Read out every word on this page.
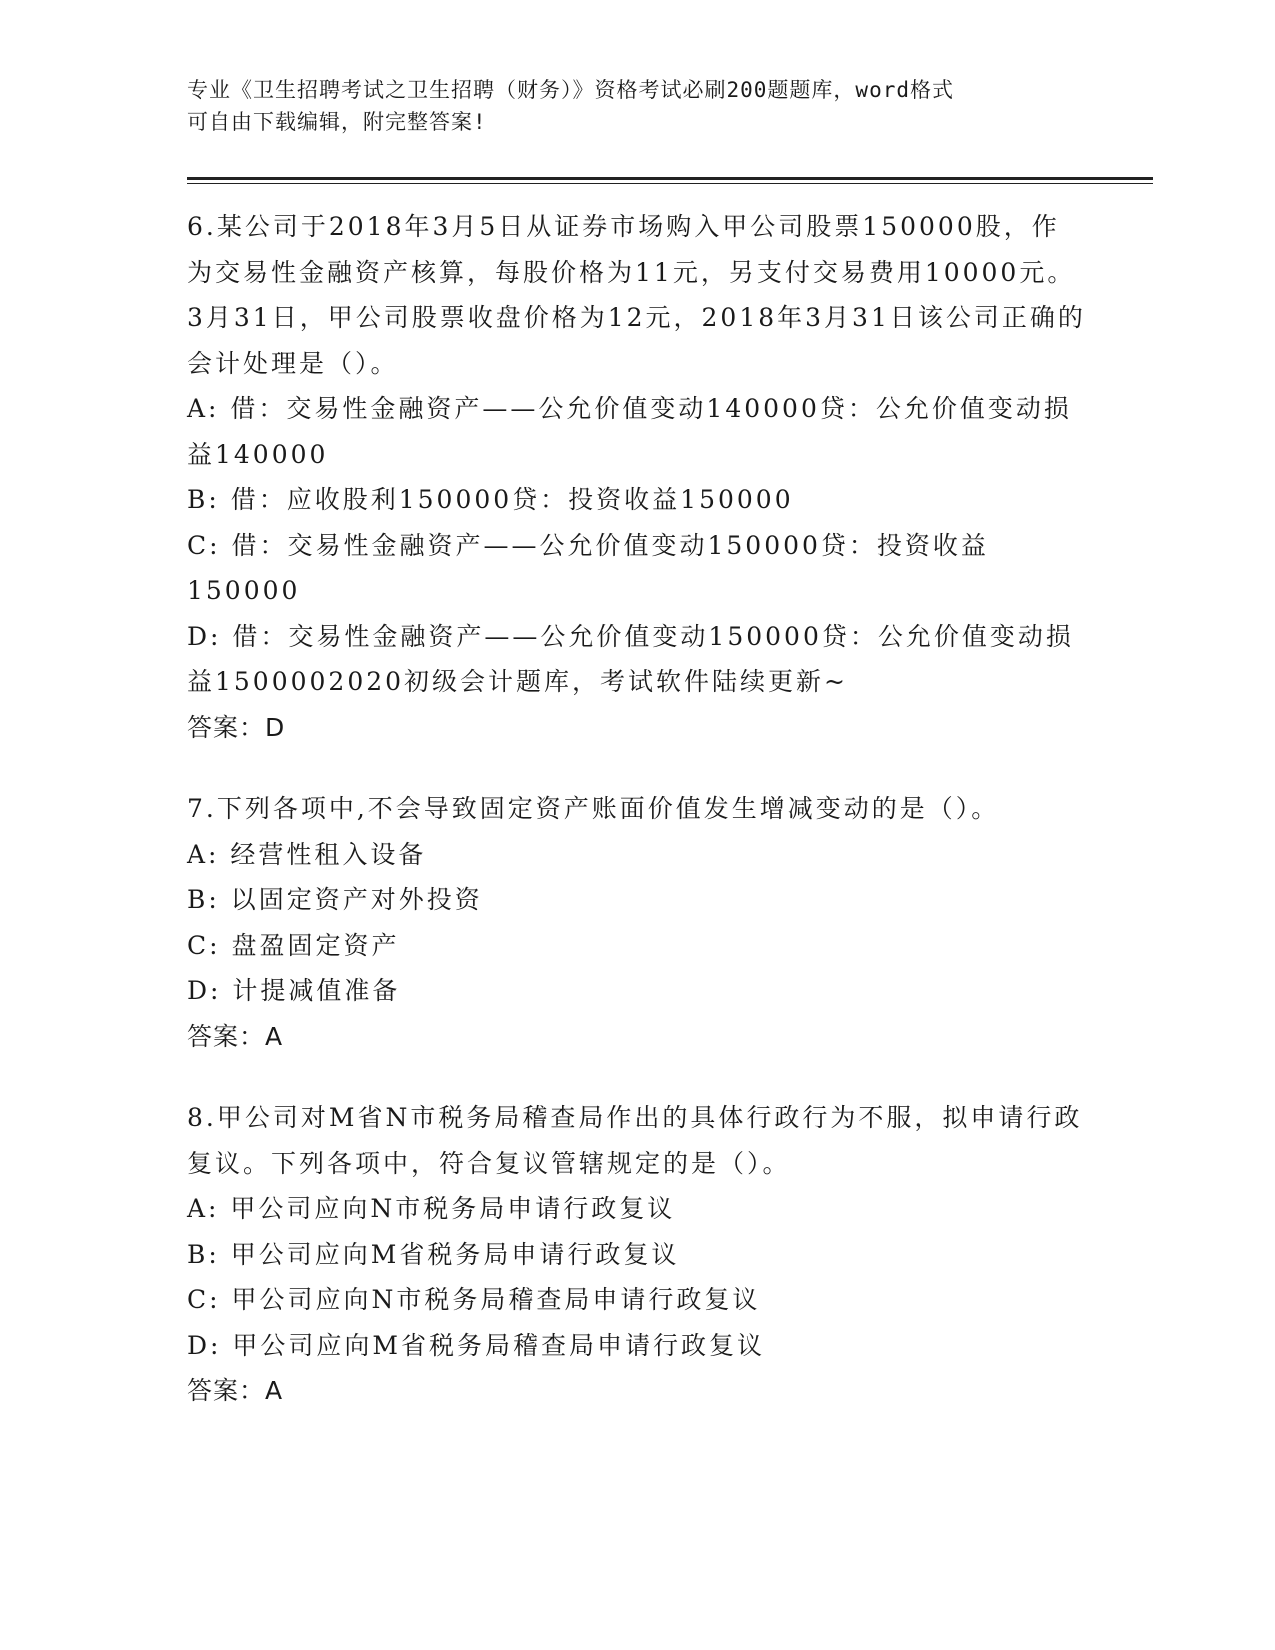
专业《卫生招聘考试之卫生招聘（财务）》资格考试必刷200题题库，word格式
可自由下载编辑，附完整答案!
6.某公司于2018年3月5日从证券市场购入甲公司股票150000股，作为交易性金融资产核算，每股价格为11元，另支付交易费用10000元。3月31日，甲公司股票收盘价格为12元，2018年3月31日该公司正确的会计处理是（）。
A: 借：交易性金融资产——公允价值变动140000贷：公允价值变动损益140000
B: 借：应收股利150000贷：投资收益150000
C: 借：交易性金融资产——公允价值变动150000贷：投资收益150000
D: 借：交易性金融资产——公允价值变动150000贷：公允价值变动损益1500002020初级会计题库，考试软件陆续更新~
答案：D
7.下列各项中,不会导致固定资产账面价值发生增减变动的是（）。
A: 经营性租入设备
B: 以固定资产对外投资
C: 盘盈固定资产
D: 计提减值准备
答案：A
8.甲公司对M省N市税务局稽查局作出的具体行政行为不服，拟申请行政复议。下列各项中，符合复议管辖规定的是（）。
A: 甲公司应向N市税务局申请行政复议
B: 甲公司应向M省税务局申请行政复议
C: 甲公司应向N市税务局稽查局申请行政复议
D: 甲公司应向M省税务局稽查局申请行政复议
答案：A
